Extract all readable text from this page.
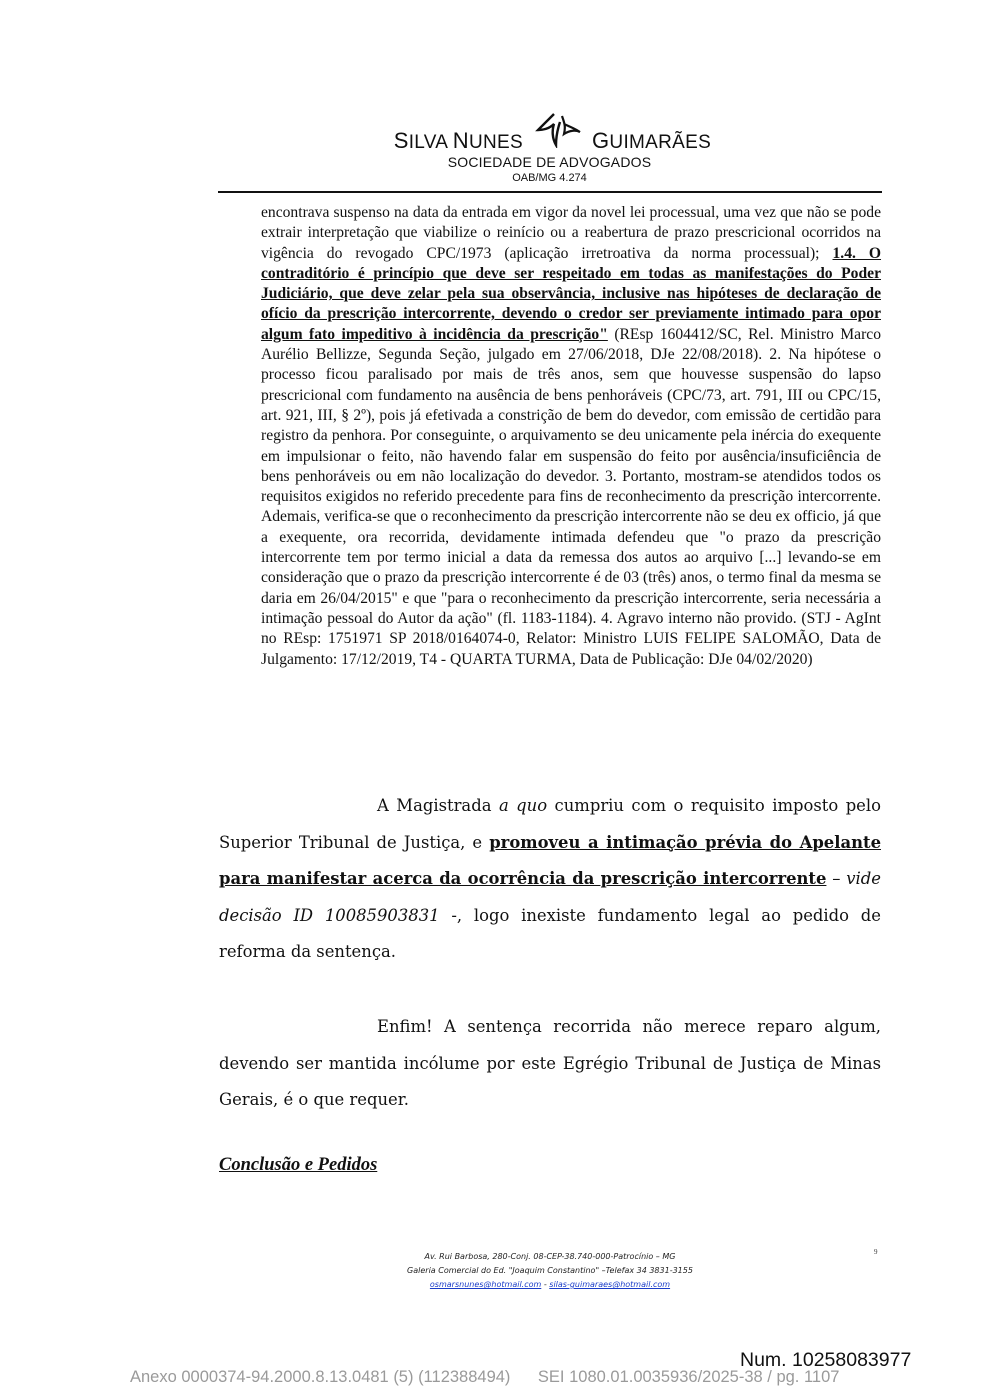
SILVA NUNES	GUIMARÃES
SOCIEDADE DE ADVOGADOS
OAB/MG 4.274
encontrava suspenso na data da entrada em vigor da novel lei processual, uma vez que não se pode extrair interpretação que viabilize o reinício ou a reabertura de prazo prescricional ocorridos na vigência do revogado CPC/1973 (aplicação irretroativa da norma processual); 1.4. O contraditório é princípio que deve ser respeitado em todas as manifestações do Poder Judiciário, que deve zelar pela sua observância, inclusive nas hipóteses de declaração de ofício da prescrição intercorrente, devendo o credor ser previamente intimado para opor algum fato impeditivo à incidência da prescrição" (REsp 1604412/SC, Rel. Ministro Marco Aurélio Bellizze, Segunda Seção, julgado em 27/06/2018, DJe 22/08/2018). 2. Na hipótese o processo ficou paralisado por mais de três anos, sem que houvesse suspensão do lapso prescricional com fundamento na ausência de bens penhoráveis (CPC/73, art. 791, III ou CPC/15, art. 921, III, § 2º), pois já efetivada a constrição de bem do devedor, com emissão de certidão para registro da penhora. Por conseguinte, o arquivamento se deu unicamente pela inércia do exequente em impulsionar o feito, não havendo falar em suspensão do feito por ausência/insuficiência de bens penhoráveis ou em não localização do devedor. 3. Portanto, mostram-se atendidos todos os requisitos exigidos no referido precedente para fins de reconhecimento da prescrição intercorrente. Ademais, verifica-se que o reconhecimento da prescrição intercorrente não se deu ex officio, já que a exequente, ora recorrida, devidamente intimada defendeu que "o prazo da prescrição intercorrente tem por termo inicial a data da remessa dos autos ao arquivo [...] levando-se em consideração que o prazo da prescrição intercorrente é de 03 (três) anos, o termo final da mesma se daria em 26/04/2015" e que "para o reconhecimento da prescrição intercorrente, seria necessária a intimação pessoal do Autor da ação" (fl. 1183-1184). 4. Agravo interno não provido. (STJ - AgInt no REsp: 1751971 SP 2018/0164074-0, Relator: Ministro LUIS FELIPE SALOMÃO, Data de Julgamento: 17/12/2019, T4 - QUARTA TURMA, Data de Publicação: DJe 04/02/2020)
A Magistrada a quo cumpriu com o requisito imposto pelo Superior Tribunal de Justiça, e promoveu a intimação prévia do Apelante para manifestar acerca da ocorrência da prescrição intercorrente – vide decisão ID 10085903831 -, logo inexiste fundamento legal ao pedido de reforma da sentença.
Enfim! A sentença recorrida não merece reparo algum, devendo ser mantida incólume por este Egrégio Tribunal de Justiça de Minas Gerais, é o que requer.
Conclusão e Pedidos
Av. Rui Barbosa, 280-Conj. 08-CEP-38.740-000-Patrocínio – MG
Galeria Comercial do Ed. "Joaquim Constantino" –Telefax 34 3831-3155
osmarsnunes@hotmail.com - silas-guimaraes@hotmail.com
9
Num. 10258083977
Anexo 0000374-94.2000.8.13.0481 (5) (112388494)      SEI 1080.01.0035936/2025-38 / pg. 1107
